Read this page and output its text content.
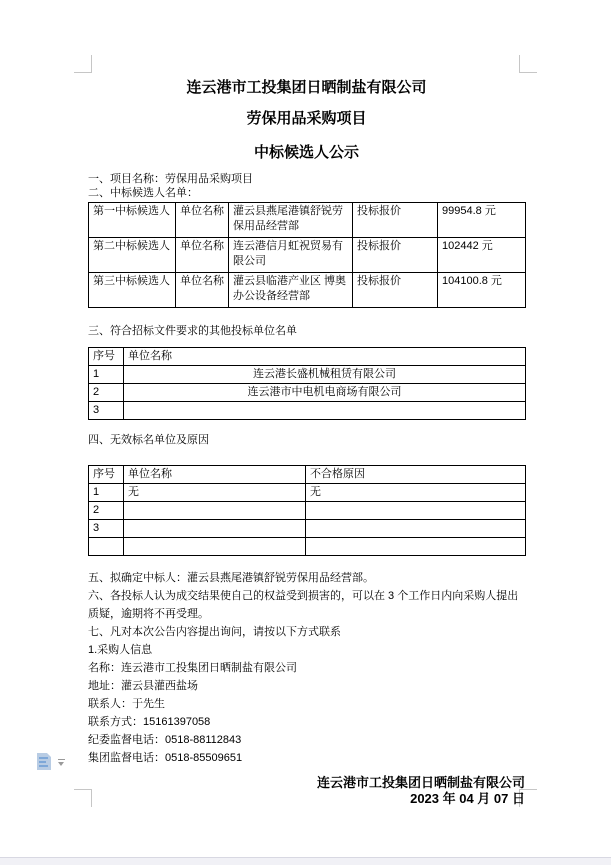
连云港市工投集团日晒制盐有限公司

劳保用品采购项目

中标候选人公示

一、项目名称：劳保用品采购项目

二、中标候选人名单：

第一中标候选人	单位名称	灌云县燕尾港镇舒锐劳保用品经营部	投标报价	99954.8 元
第二中标候选人	单位名称	连云港信月虹祝贸易有限公司	投标报价	102442 元
第三中标候选人	单位名称	灌云县临港产业区 博奥办公设备经营部	投标报价	104100.8 元

三、符合招标文件要求的其他投标单位名单

序号	单位名称
1	连云港长盛机械租赁有限公司
2	连云港市中电机电商场有限公司
3	

四、无效标名单位及原因

序号	单位名称	不合格原因
1	无	无
2		
3		

五、拟确定中标人：灌云县燕尾港镇舒锐劳保用品经营部。

六、各投标人认为成交结果使自己的权益受到损害的，可以在 3 个工作日内向采购人提出质疑，逾期将不再受理。

七、凡对本次公告内容提出询问，请按以下方式联系

1.采购人信息

名称：连云港市工投集团日晒制盐有限公司

地址：灌云县灌西盐场

联系人：于先生

联系方式：15161397058

纪委监督电话：0518-88112843

集团监督电话：0518-85509651

连云港市工投集团日晒制盐有限公司

2023 年 04 月 07 日
